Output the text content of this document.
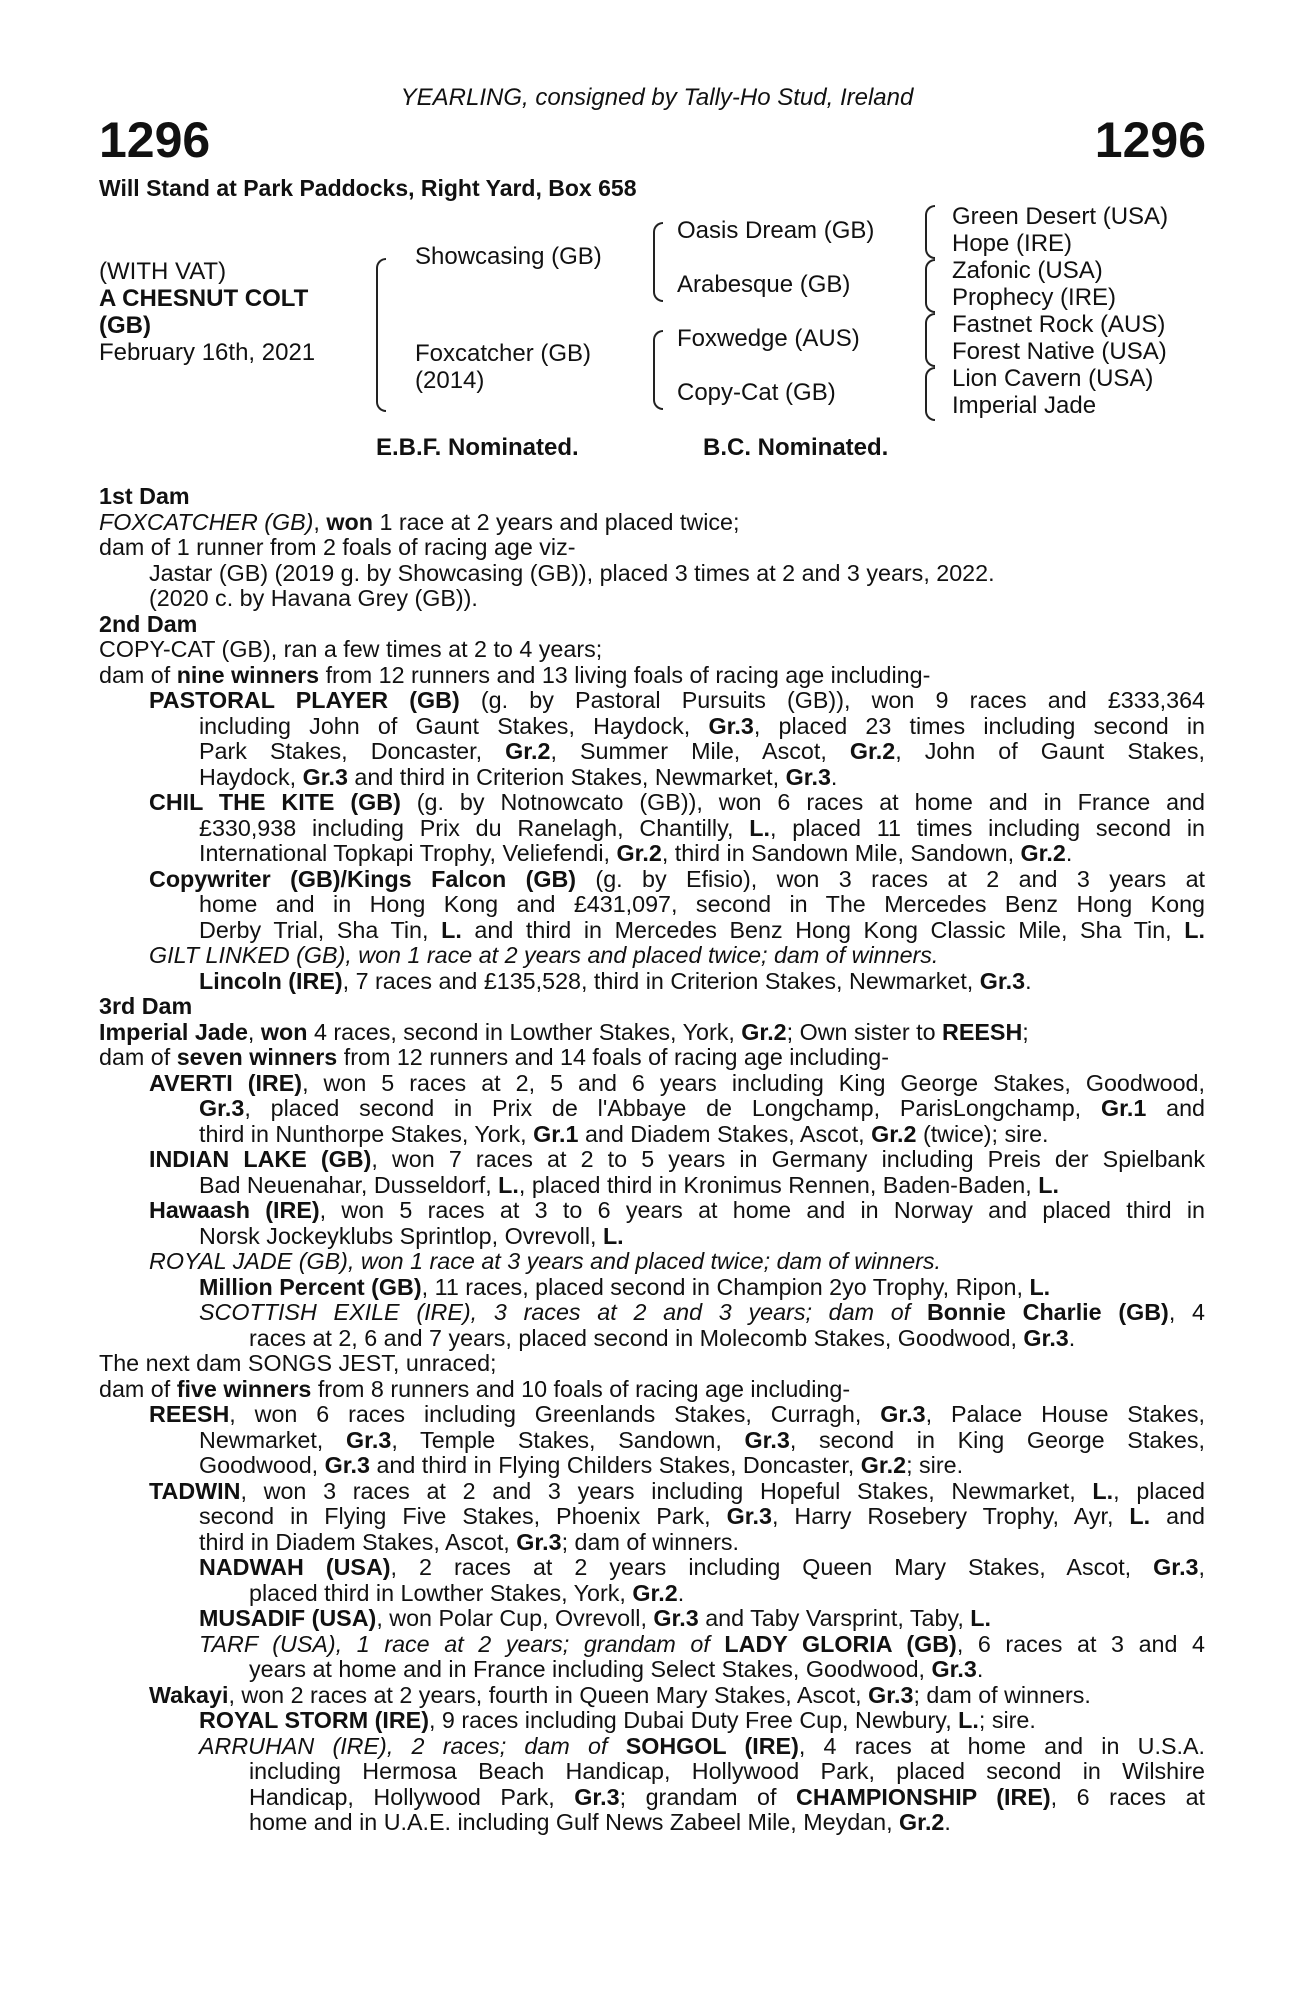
YEARLING, consigned by Tally-Ho Stud, Ireland
1296	1296
Will Stand at Park Paddocks, Right Yard, Box 658
(WITH VAT)
A CHESNUT COLT
(GB)
February 16th, 2021
Showcasing (GB)
Foxcatcher (GB)
(2014)
Oasis Dream (GB)
Arabesque (GB)
Foxwedge (AUS)
Copy-Cat (GB)
Green Desert (USA)
Hope (IRE)
Zafonic (USA)
Prophecy (IRE)
Fastnet Rock (AUS)
Forest Native (USA)
Lion Cavern (USA)
Imperial Jade
E.B.F. Nominated.	B.C. Nominated.

1st Dam

FOXCATCHER (GB), won 1 race at 2 years and placed twice;

dam of 1 runner from 2 foals of racing age viz-

Jastar (GB) (2019 g. by Showcasing (GB)), placed 3 times at 2 and 3 years, 2022.

(2020 c. by Havana Grey (GB)).

2nd Dam

COPY-CAT (GB), ran a few times at 2 to 4 years;

dam of nine winners from 12 runners and 13 living foals of racing age including-

PASTORAL PLAYER (GB) (g. by Pastoral Pursuits (GB)), won 9 races and £333,364

including John of Gaunt Stakes, Haydock, Gr.3, placed 23 times including second in

Park Stakes, Doncaster, Gr.2, Summer Mile, Ascot, Gr.2, John of Gaunt Stakes,

Haydock, Gr.3 and third in Criterion Stakes, Newmarket, Gr.3.

CHIL THE KITE (GB) (g. by Notnowcato (GB)), won 6 races at home and in France and

£330,938 including Prix du Ranelagh, Chantilly, L., placed 11 times including second in

International Topkapi Trophy, Veliefendi, Gr.2, third in Sandown Mile, Sandown, Gr.2.

Copywriter (GB)/Kings Falcon (GB) (g. by Efisio), won 3 races at 2 and 3 years at

home and in Hong Kong and £431,097, second in The Mercedes Benz Hong Kong

Derby Trial, Sha Tin, L. and third in Mercedes Benz Hong Kong Classic Mile, Sha Tin, L.

GILT LINKED (GB), won 1 race at 2 years and placed twice; dam of winners.

Lincoln (IRE), 7 races and £135,528, third in Criterion Stakes, Newmarket, Gr.3.

3rd Dam

Imperial Jade, won 4 races, second in Lowther Stakes, York, Gr.2; Own sister to REESH;

dam of seven winners from 12 runners and 14 foals of racing age including-

AVERTI (IRE), won 5 races at 2, 5 and 6 years including King George Stakes, Goodwood,

Gr.3, placed second in Prix de l'Abbaye de Longchamp, ParisLongchamp, Gr.1 and

third in Nunthorpe Stakes, York, Gr.1 and Diadem Stakes, Ascot, Gr.2 (twice); sire.

INDIAN LAKE (GB), won 7 races at 2 to 5 years in Germany including Preis der Spielbank

Bad Neuenahar, Dusseldorf, L., placed third in Kronimus Rennen, Baden-Baden, L.

Hawaash (IRE), won 5 races at 3 to 6 years at home and in Norway and placed third in

Norsk Jockeyklubs Sprintlop, Ovrevoll, L.

ROYAL JADE (GB), won 1 race at 3 years and placed twice; dam of winners.

Million Percent (GB), 11 races, placed second in Champion 2yo Trophy, Ripon, L.

SCOTTISH EXILE (IRE), 3 races at 2 and 3 years; dam of Bonnie Charlie (GB), 4

races at 2, 6 and 7 years, placed second in Molecomb Stakes, Goodwood, Gr.3.

The next dam SONGS JEST, unraced;

dam of five winners from 8 runners and 10 foals of racing age including-

REESH, won 6 races including Greenlands Stakes, Curragh, Gr.3, Palace House Stakes,

Newmarket, Gr.3, Temple Stakes, Sandown, Gr.3, second in King George Stakes,

Goodwood, Gr.3 and third in Flying Childers Stakes, Doncaster, Gr.2; sire.

TADWIN, won 3 races at 2 and 3 years including Hopeful Stakes, Newmarket, L., placed

second in Flying Five Stakes, Phoenix Park, Gr.3, Harry Rosebery Trophy, Ayr, L. and

third in Diadem Stakes, Ascot, Gr.3; dam of winners.

NADWAH (USA), 2 races at 2 years including Queen Mary Stakes, Ascot, Gr.3,

placed third in Lowther Stakes, York, Gr.2.

MUSADIF (USA), won Polar Cup, Ovrevoll, Gr.3 and Taby Varsprint, Taby, L.

TARF (USA), 1 race at 2 years; grandam of LADY GLORIA (GB), 6 races at 3 and 4

years at home and in France including Select Stakes, Goodwood, Gr.3.

Wakayi, won 2 races at 2 years, fourth in Queen Mary Stakes, Ascot, Gr.3; dam of winners.

ROYAL STORM (IRE), 9 races including Dubai Duty Free Cup, Newbury, L.; sire.

ARRUHAN (IRE), 2 races; dam of SOHGOL (IRE), 4 races at home and in U.S.A.

including Hermosa Beach Handicap, Hollywood Park, placed second in Wilshire

Handicap, Hollywood Park, Gr.3; grandam of CHAMPIONSHIP (IRE), 6 races at

home and in U.A.E. including Gulf News Zabeel Mile, Meydan, Gr.2.
